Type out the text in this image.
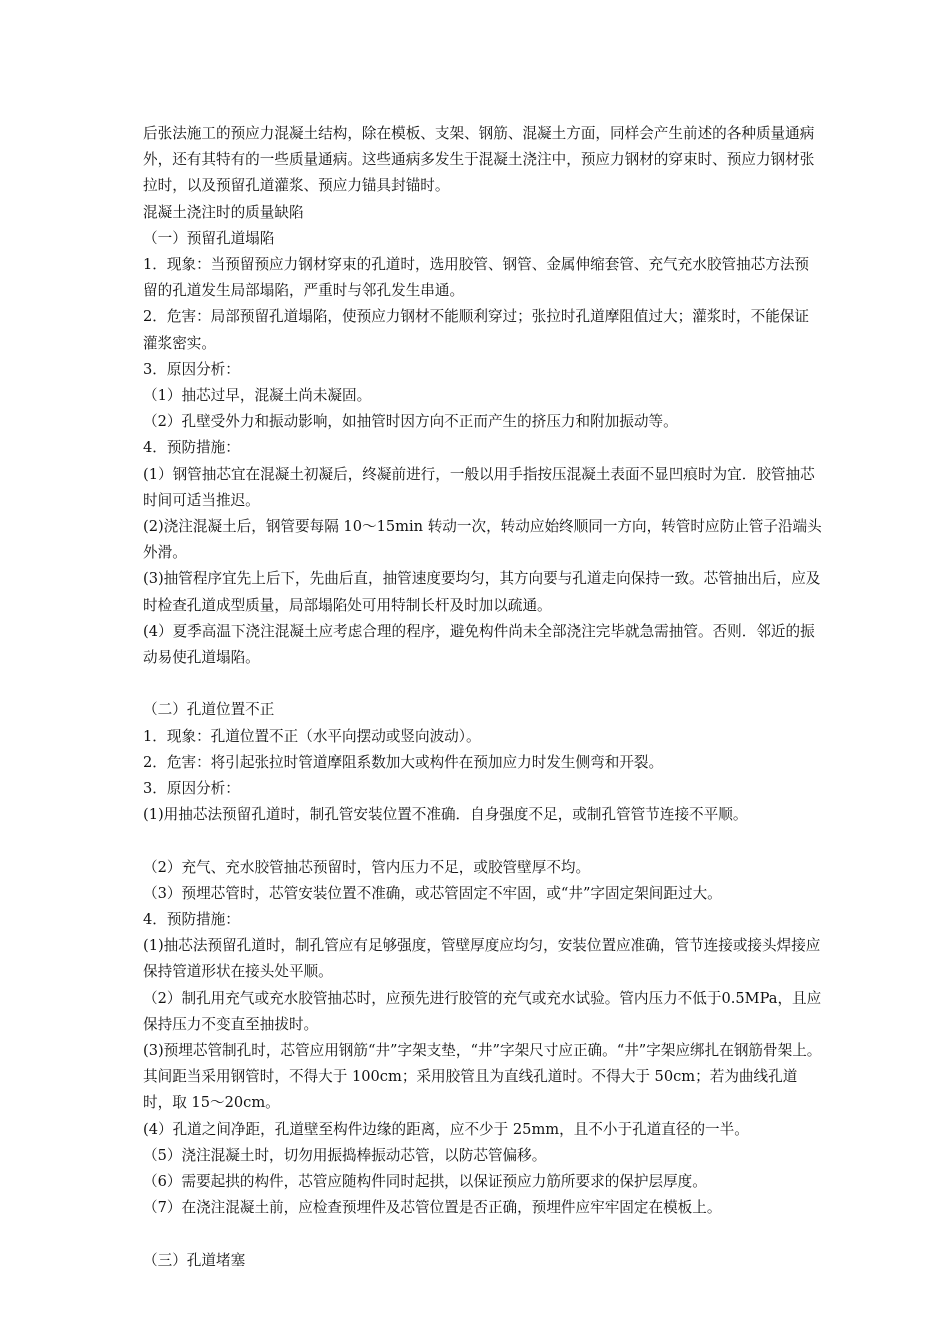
后张法施工的预应力混凝土结构，除在模板、支架、钢筋、混凝土方面，同样会产生前述的各种质量通病外，还有其特有的一些质量通病。这些通病多发生于混凝土浇注中，预应力钢材的穿束时、预应力钢材张拉时，以及预留孔道灌浆、预应力锚具封锚时。

混凝土浇注时的质量缺陷

（一）预留孔道塌陷

1．现象：当预留预应力钢材穿束的孔道时，选用胶管、钢管、金属伸缩套管、充气充水胶管抽芯方法预留的孔道发生局部塌陷，严重时与邻孔发生串通。

2．危害：局部预留孔道塌陷，使预应力钢材不能顺利穿过；张拉时孔道摩阻值过大；灌浆时，不能保证灌浆密实。

3．原因分析：

（1）抽芯过早，混凝土尚未凝固。

（2）孔壁受外力和振动影响，如抽管时因方向不正而产生的挤压力和附加振动等。

4．预防措施：

(1）钢管抽芯宜在混凝土初凝后，终凝前进行，一般以用手指按压混凝土表面不显凹痕时为宜．胶管抽芯时间可适当推迟。

(2)浇注混凝土后，钢管要每隔 10～15min 转动一次，转动应始终顺同一方向，转管时应防止管子沿端头外滑。

(3)抽管程序宜先上后下，先曲后直，抽管速度要均匀，其方向要与孔道走向保持一致。芯管抽出后，应及时检查孔道成型质量，局部塌陷处可用特制长杆及时加以疏通。

(4）夏季高温下浇注混凝土应考虑合理的程序，避免构件尚未全部浇注完毕就急需抽管。否则．邻近的振动易使孔道塌陷。

（二）孔道位置不正

1．现象：孔道位置不正（水平向摆动或竖向波动）。

2．危害：将引起张拉时管道摩阻系数加大或构件在预加应力时发生侧弯和开裂。

3．原因分析：

(1)用抽芯法预留孔道时，制孔管安装位置不准确．自身强度不足，或制孔管管节连接不平顺。

（2）充气、充水胶管抽芯预留时，管内压力不足，或胶管壁厚不均。

（3）预埋芯管时，芯管安装位置不准确，或芯管固定不牢固，或“井”字固定架间距过大。

4．预防措施：

(1)抽芯法预留孔道时，制孔管应有足够强度，管壁厚度应均匀，安装位置应准确，管节连接或接头焊接应保持管道形状在接头处平顺。

（2）制孔用充气或充水胶管抽芯时，应预先进行胶管的充气或充水试验。管内压力不低于0.5MPa，且应保持压力不变直至抽拔时。

(3)预埋芯管制孔时，芯管应用钢筋“井”字架支垫，“井”字架尺寸应正确。“井”字架应绑扎在钢筋骨架上。其间距当采用钢管时，不得大于 100cm；采用胶管且为直线孔道时。不得大于 50cm；若为曲线孔道时，取 15～20cm。

(4）孔道之间净距，孔道壁至构件边缘的距离，应不少于 25mm，且不小于孔道直径的一半。

（5）浇注混凝土时，切勿用振捣棒振动芯管，以防芯管偏移。

（6）需要起拱的构件，芯管应随构件同时起拱，以保证预应力筋所要求的保护层厚度。

（7）在浇注混凝土前，应检查预埋件及芯管位置是否正确，预埋件应牢牢固定在模板上。

（三）孔道堵塞
